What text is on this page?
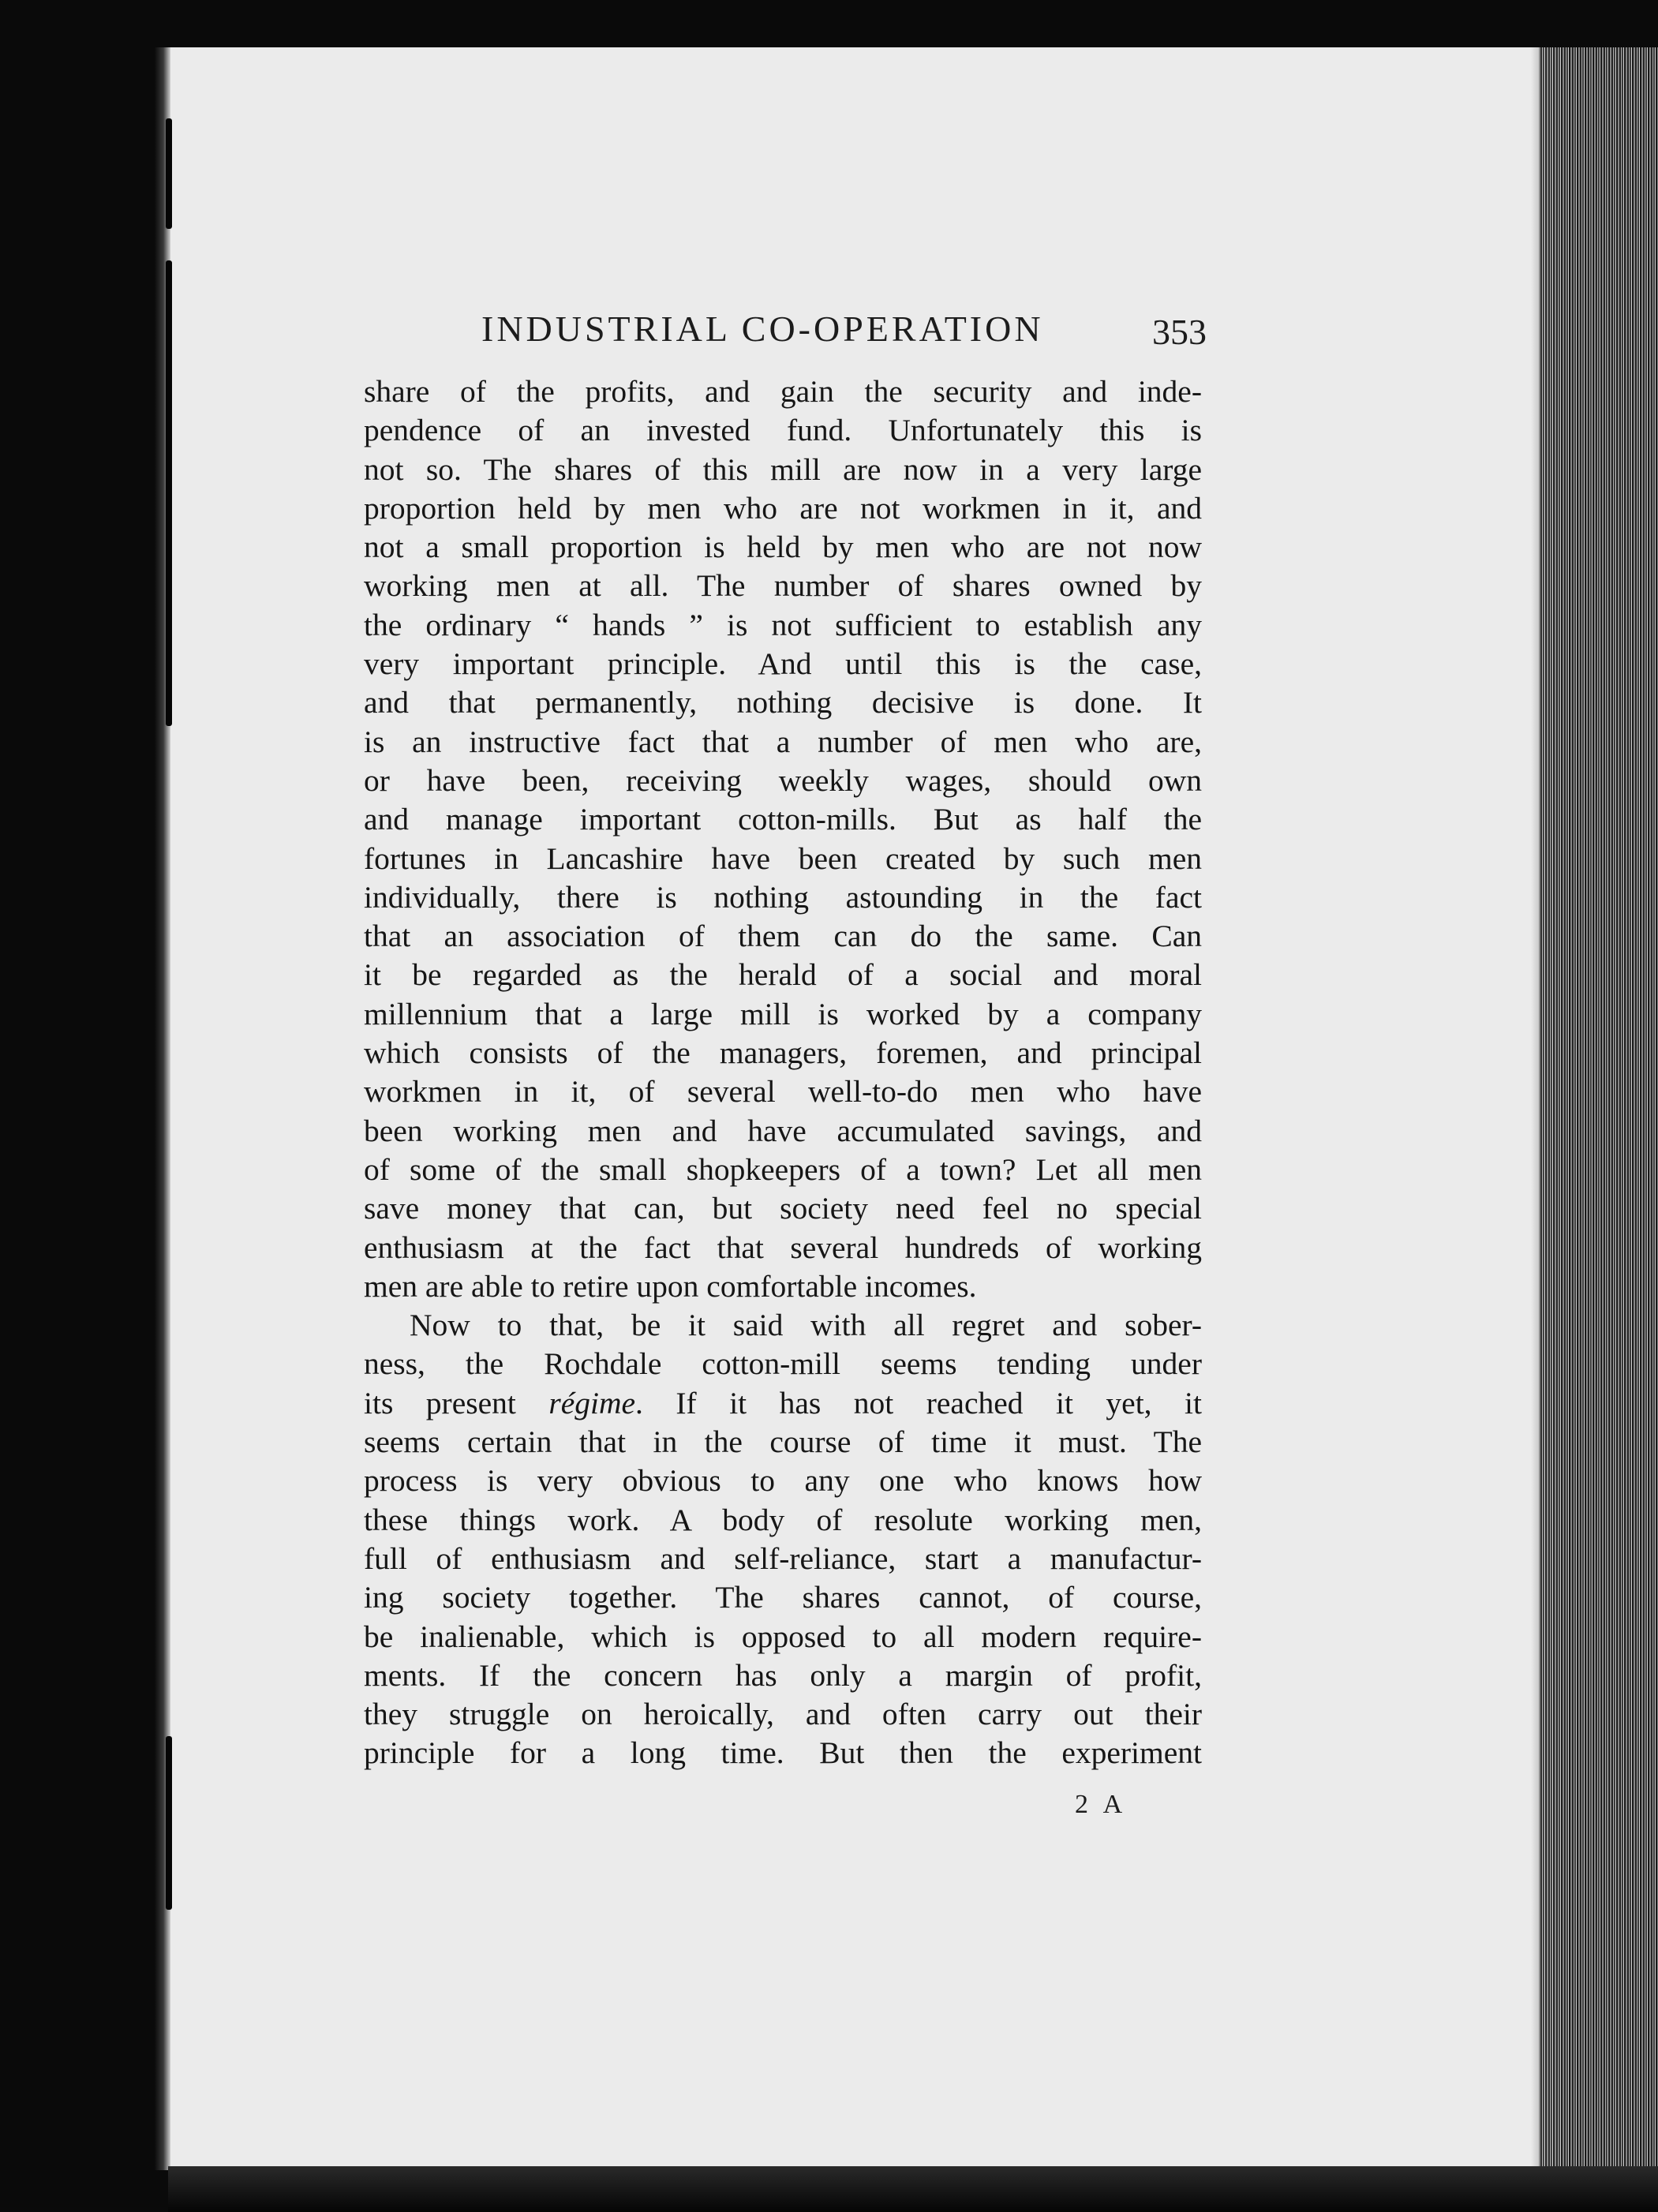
INDUSTRIAL CO-OPERATION	353
share of the profits, and gain the security and inde-
pendence of an invested fund. Unfortunately this is
not so. The shares of this mill are now in a very large
proportion held by men who are not workmen in it, and
not a small proportion is held by men who are not now
working men at all. The number of shares owned by
the ordinary “ hands ” is not sufficient to establish any
very important principle. And until this is the case,
and that permanently, nothing decisive is done. It
is an instructive fact that a number of men who are,
or have been, receiving weekly wages, should own
and manage important cotton-mills. But as half the
fortunes in Lancashire have been created by such men
individually, there is nothing astounding in the fact
that an association of them can do the same. Can
it be regarded as the herald of a social and moral
millennium that a large mill is worked by a company
which consists of the managers, foremen, and principal
workmen in it, of several well-to-do men who have
been working men and have accumulated savings, and
of some of the small shopkeepers of a town? Let all men
save money that can, but society need feel no special
enthusiasm at the fact that several hundreds of working
men are able to retire upon comfortable incomes.
Now to that, be it said with all regret and sober-
ness, the Rochdale cotton-mill seems tending under
its present régime. If it has not reached it yet, it
seems certain that in the course of time it must. The
process is very obvious to any one who knows how
these things work. A body of resolute working men,
full of enthusiasm and self-reliance, start a manufactur-
ing society together. The shares cannot, of course,
be inalienable, which is opposed to all modern require-
ments. If the concern has only a margin of profit,
they struggle on heroically, and often carry out their
principle for a long time. But then the experiment
2 A
